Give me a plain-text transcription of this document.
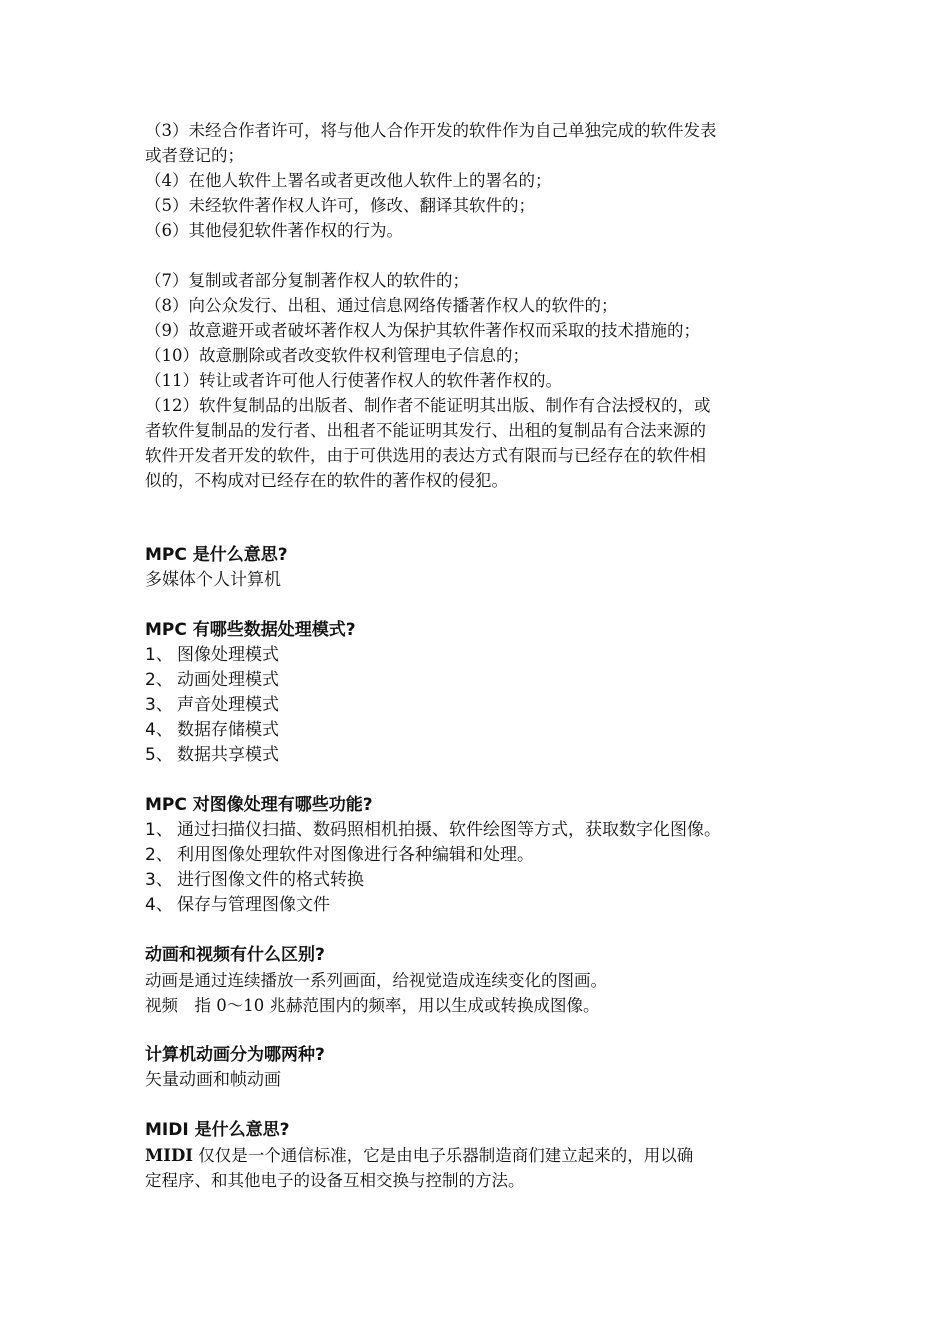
（3）未经合作者许可，将与他人合作开发的软件作为自己单独完成的软件发表
或者登记的；
（4）在他人软件上署名或者更改他人软件上的署名的；
（5）未经软件著作权人许可，修改、翻译其软件的；
（6）其他侵犯软件著作权的行为。
（7）复制或者部分复制著作权人的软件的；
（8）向公众发行、出租、通过信息网络传播著作权人的软件的；
（9）故意避开或者破坏著作权人为保护其软件著作权而采取的技术措施的；
（10）故意删除或者改变软件权利管理电子信息的；
（11）转让或者许可他人行使著作权人的软件著作权的。
（12）软件复制品的出版者、制作者不能证明其出版、制作有合法授权的，或
者软件复制品的发行者、出租者不能证明其发行、出租的复制品有合法来源的
软件开发者开发的软件，由于可供选用的表达方式有限而与已经存在的软件相
似的，不构成对已经存在的软件的著作权的侵犯。
MPC 是什么意思?
多媒体个人计算机
MPC 有哪些数据处理模式?
1、 图像处理模式
2、 动画处理模式
3、 声音处理模式
4、 数据存储模式
5、 数据共享模式
MPC 对图像处理有哪些功能?
1、 通过扫描仪扫描、数码照相机拍摄、软件绘图等方式，获取数字化图像。
2、 利用图像处理软件对图像进行各种编辑和处理。
3、 进行图像文件的格式转换
4、 保存与管理图像文件
动画和视频有什么区别?
动画是通过连续播放一系列画面，给视觉造成连续变化的图画。
视频　指 0～10 兆赫范围内的频率，用以生成或转换成图像。
计算机动画分为哪两种?
矢量动画和帧动画
MIDI 是什么意思?
MIDI 仅仅是一个通信标准，它是由电子乐器制造商们建立起来的，用以确
定程序、和其他电子的设备互相交换与控制的方法。
